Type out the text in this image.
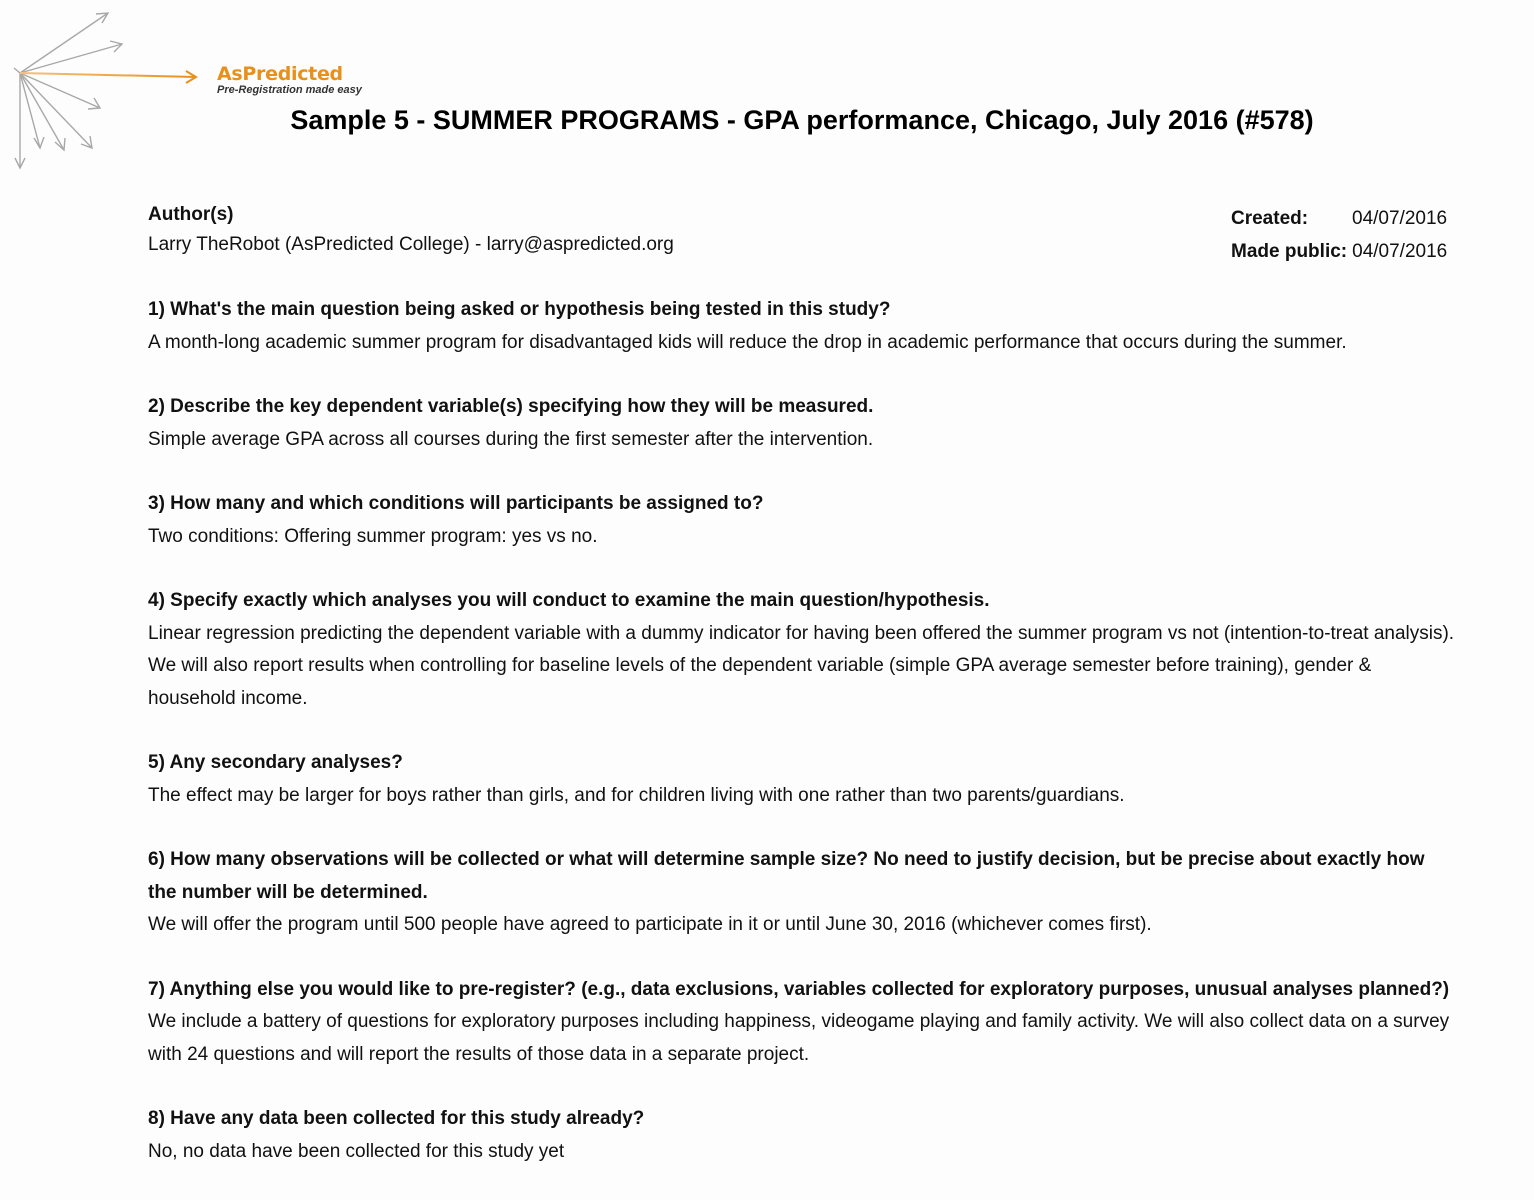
AsPredicted
Pre-Registration made easy
Sample 5 - SUMMER PROGRAMS - GPA performance, Chicago, July 2016 (#578)
Author(s)
Larry TheRobot (AsPredicted College) - larry@aspredicted.org
Created:	04/07/2016
Made public: 04/07/2016
1) What's the main question being asked or hypothesis being tested in this study?
A month-long academic summer program for disadvantaged kids will reduce the drop in academic performance that occurs during the summer.
2) Describe the key dependent variable(s) specifying how they will be measured.
Simple average GPA across all courses during the first semester after the intervention.
3) How many and which conditions will participants be assigned to?
Two conditions: Offering summer program: yes vs no.
4) Specify exactly which analyses you will conduct to examine the main question/hypothesis.
Linear regression predicting the dependent variable with a dummy indicator for having been offered the summer program vs not (intention-to-treat analysis). We will also report results when controlling for baseline levels of the dependent variable (simple GPA average semester before training), gender & household income.
5) Any secondary analyses?
The effect may be larger for boys rather than girls, and for children living with one rather than two parents/guardians.
6) How many observations will be collected or what will determine sample size? No need to justify decision, but be precise about exactly how the number will be determined.
We will offer the program until 500 people have agreed to participate in it or until June 30, 2016 (whichever comes first).
7) Anything else you would like to pre-register? (e.g., data exclusions, variables collected for exploratory purposes, unusual analyses planned?)
We include a battery of questions for exploratory purposes including happiness, videogame playing and family activity. We will also collect data on a survey with 24 questions and will report the results of those data in a separate project.
8) Have any data been collected for this study already?
No, no data have been collected for this study yet
